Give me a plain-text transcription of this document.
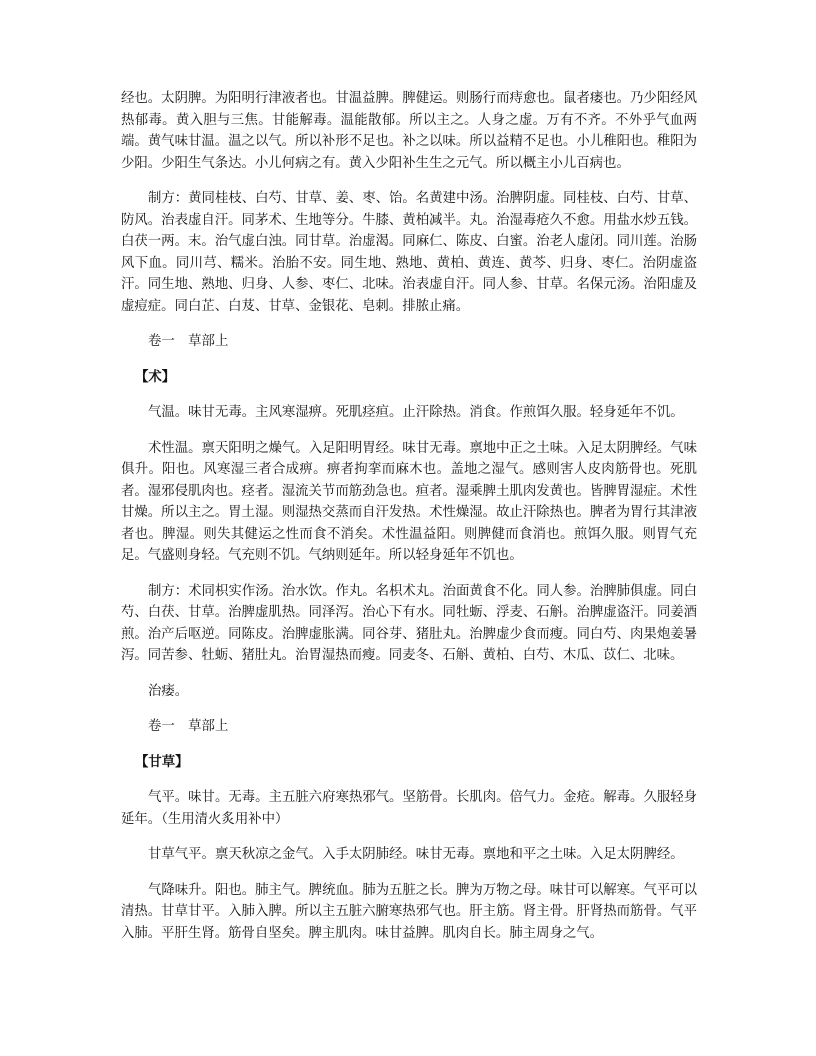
经也。太阴脾。为阳明行津液者也。甘温益脾。脾健运。则肠行而痔愈也。鼠者瘘也。乃少阳经风热郁毒。黄入胆与三焦。甘能解毒。温能散郁。所以主之。人身之虚。万有不齐。不外乎气血两端。黄气味甘温。温之以气。所以补形不足也。补之以味。所以益精不足也。小儿稚阳也。稚阳为少阳。少阳生气条达。小儿何病之有。黄入少阳补生生之元气。所以概主小儿百病也。

制方：黄同桂枝、白芍、甘草、姜、枣、饴。名黄建中汤。治脾阴虚。同桂枝、白芍、甘草、防风。治表虚自汗。同茅术、生地等分。牛膝、黄柏减半。丸。治湿毒疮久不愈。用盐水炒五钱。白茯一两。末。治气虚白浊。同甘草。治虚渴。同麻仁、陈皮、白蜜。治老人虚闭。同川莲。治肠风下血。同川芎、糯米。治胎不安。同生地、熟地、黄柏、黄连、黄芩、归身、枣仁。治阴虚盗汗。同生地、熟地、归身、人参、枣仁、北味。治表虚自汗。同人参、甘草。名保元汤。治阳虚及虚痘症。同白芷、白芨、甘草、金银花、皂刺。排脓止痛。

卷一　草部上

【术】

气温。味甘无毒。主风寒湿痹。死肌痉疸。止汗除热。消食。作煎饵久服。轻身延年不饥。

术性温。禀天阳明之燥气。入足阳明胃经。味甘无毒。禀地中正之土味。入足太阴脾经。气味俱升。阳也。风寒湿三者合成痹。痹者拘挛而麻木也。盖地之湿气。感则害人皮肉筋骨也。死肌者。湿邪侵肌肉也。痉者。湿流关节而筋劲急也。疸者。湿乘脾土肌肉发黄也。皆脾胃湿症。术性甘燥。所以主之。胃土湿。则湿热交蒸而自汗发热。术性燥湿。故止汗除热也。脾者为胃行其津液者也。脾湿。则失其健运之性而食不消矣。术性温益阳。则脾健而食消也。煎饵久服。则胃气充足。气盛则身轻。气充则不饥。气纳则延年。所以轻身延年不饥也。

制方：术同枳实作汤。治水饮。作丸。名枳术丸。治面黄食不化。同人参。治脾肺俱虚。同白芍、白茯、甘草。治脾虚肌热。同泽泻。治心下有水。同牡蛎、浮麦、石斛。治脾虚盗汗。同姜酒煎。治产后呕逆。同陈皮。治脾虚胀满。同谷芽、猪肚丸。治脾虚少食而瘦。同白芍、肉果炮姜暑泻。同苦参、牡蛎、猪肚丸。治胃湿热而瘦。同麦冬、石斛、黄柏、白芍、木瓜、苡仁、北味。

治痿。

卷一　草部上

【甘草】

气平。味甘。无毒。主五脏六府寒热邪气。坚筋骨。长肌肉。倍气力。金疮。解毒。久服轻身延年。（生用清火炙用补中）

甘草气平。禀天秋凉之金气。入手太阴肺经。味甘无毒。禀地和平之土味。入足太阴脾经。

气降味升。阳也。肺主气。脾统血。肺为五脏之长。脾为万物之母。味甘可以解寒。气平可以清热。甘草甘平。入肺入脾。所以主五脏六腑寒热邪气也。肝主筋。肾主骨。肝肾热而筋骨。气平入肺。平肝生肾。筋骨自坚矣。脾主肌肉。味甘益脾。肌肉自长。肺主周身之气。
